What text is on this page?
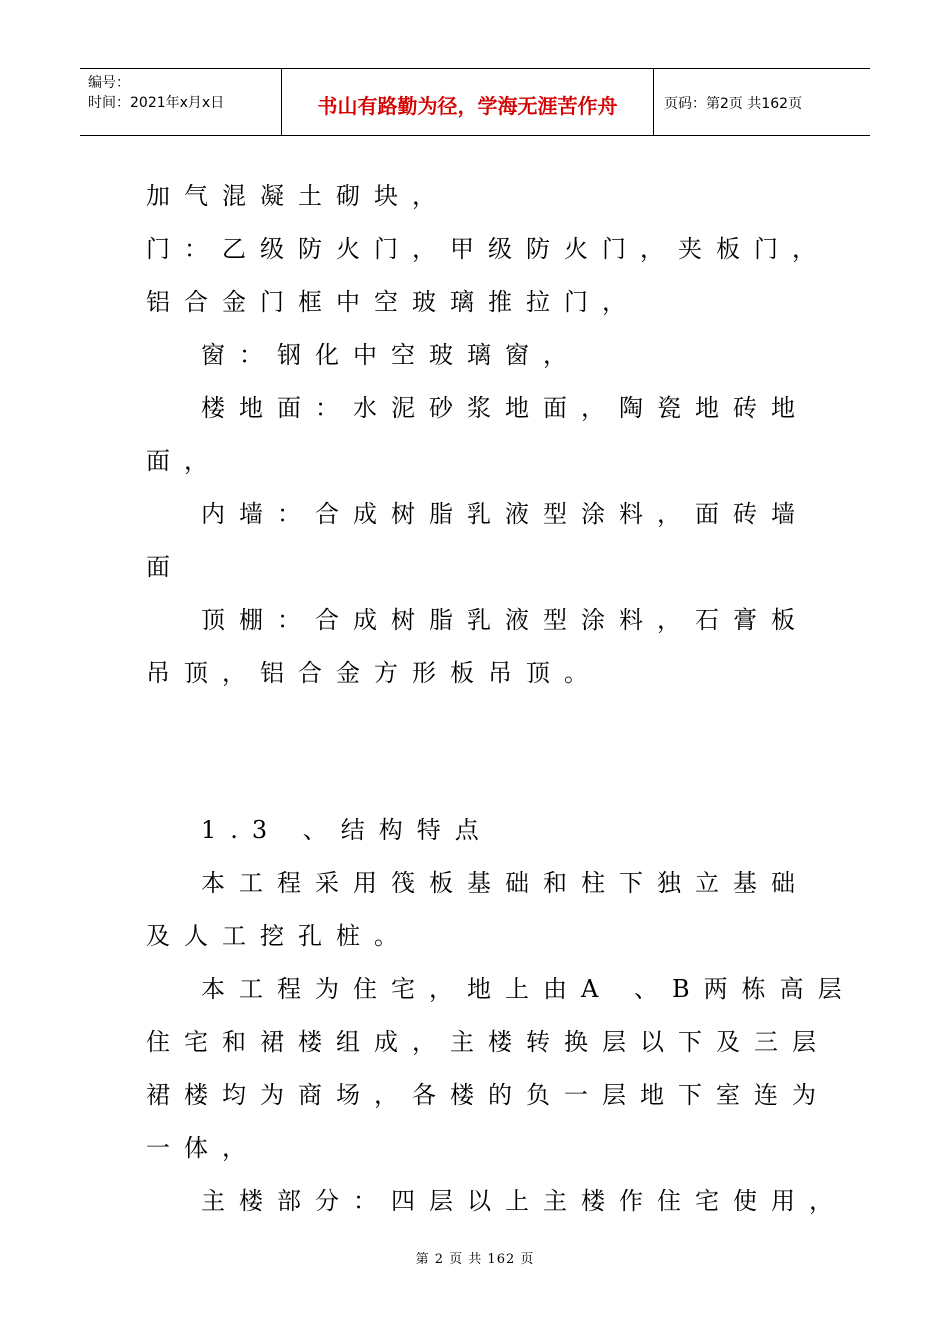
编号：
时间：2021年x月x日	书山有路勤为径，学海无涯苦作舟	页码：第2页 共162页
加气混凝土砌块，
门：乙级防火门，甲级防火门，夹板门，
铝合金门框中空玻璃推拉门，
窗：钢化中空玻璃窗，
楼地面：水泥砂浆地面，陶瓷地砖地
面，
内墙：合成树脂乳液型涂料，面砖墙
面
顶棚：合成树脂乳液型涂料，石膏板
吊顶，铝合金方形板吊顶。
1.3 、结构特点
本工程采用筏板基础和柱下独立基础
及人工挖孔桩。
本工程为住宅，地上由A 、B两栋高层
住宅和裙楼组成，主楼转换层以下及三层
裙楼均为商场，各楼的负一层地下室连为
一体，
主楼部分：四层以上主楼作住宅使用，
第 2 页 共 162 页
